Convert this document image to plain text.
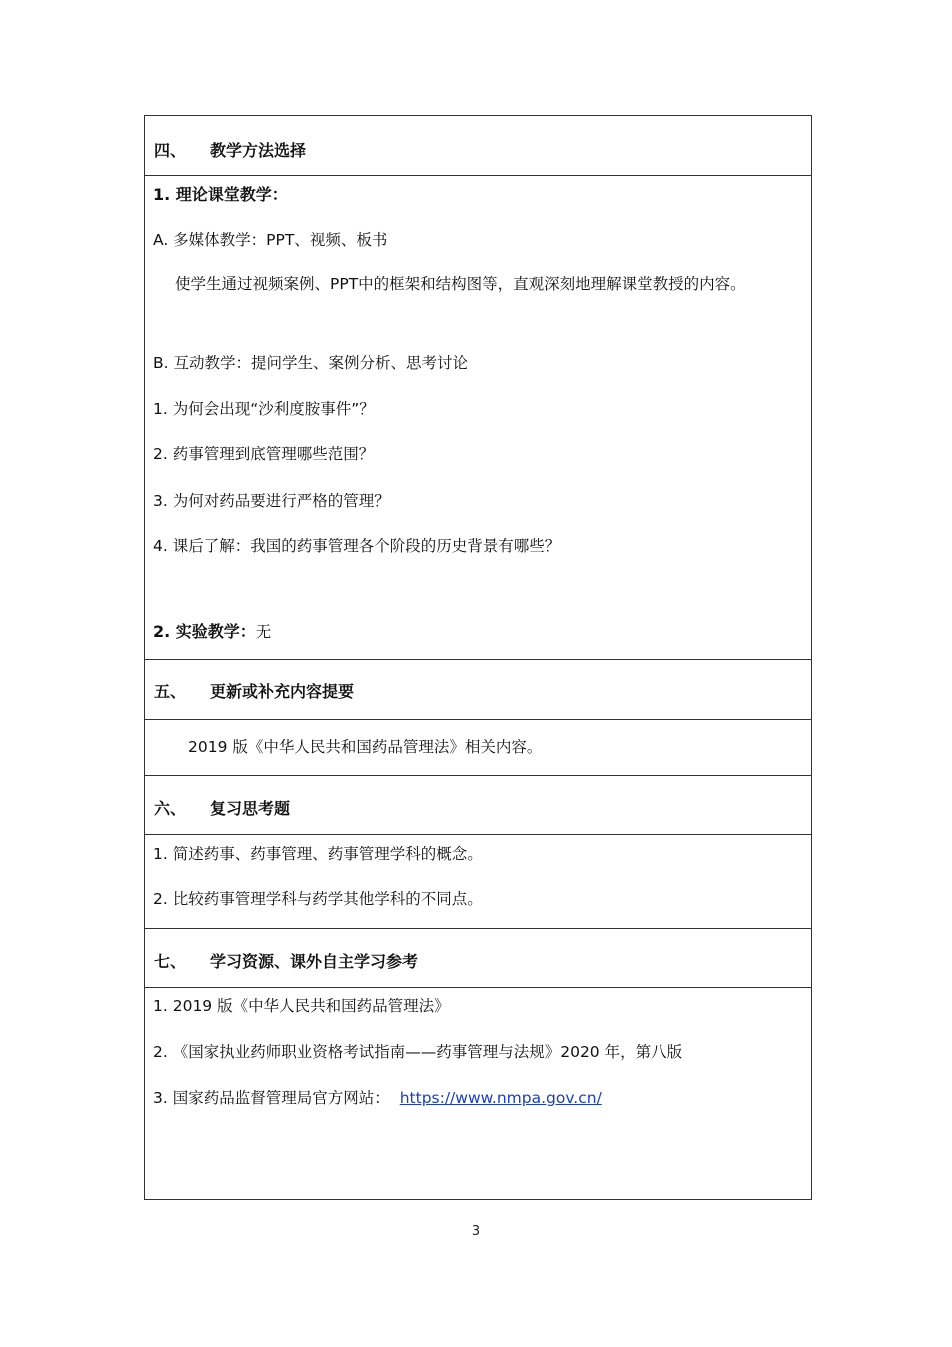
四、 教学方法选择
1. 理论课堂教学：
A. 多媒体教学：PPT、视频、板书
使学生通过视频案例、PPT中的框架和结构图等，直观深刻地理解课堂教授的内容。
B. 互动教学：提问学生、案例分析、思考讨论
1. 为何会出现“沙利度胺事件”？
2. 药事管理到底管理哪些范围？
3. 为何对药品要进行严格的管理？
4. 课后了解：我国的药事管理各个阶段的历史背景有哪些？
2. 实验教学：无
五、 更新或补充内容提要
2019 版《中华人民共和国药品管理法》相关内容。
六、 复习思考题
1. 简述药事、药事管理、药事管理学科的概念。
2. 比较药事管理学科与药学其他学科的不同点。
七、 学习资源、课外自主学习参考
1. 2019 版《中华人民共和国药品管理法》
2. 《国家执业药师职业资格考试指南——药事管理与法规》2020 年，第八版
3. 国家药品监督管理局官方网站： https://www.nmpa.gov.cn/
3
